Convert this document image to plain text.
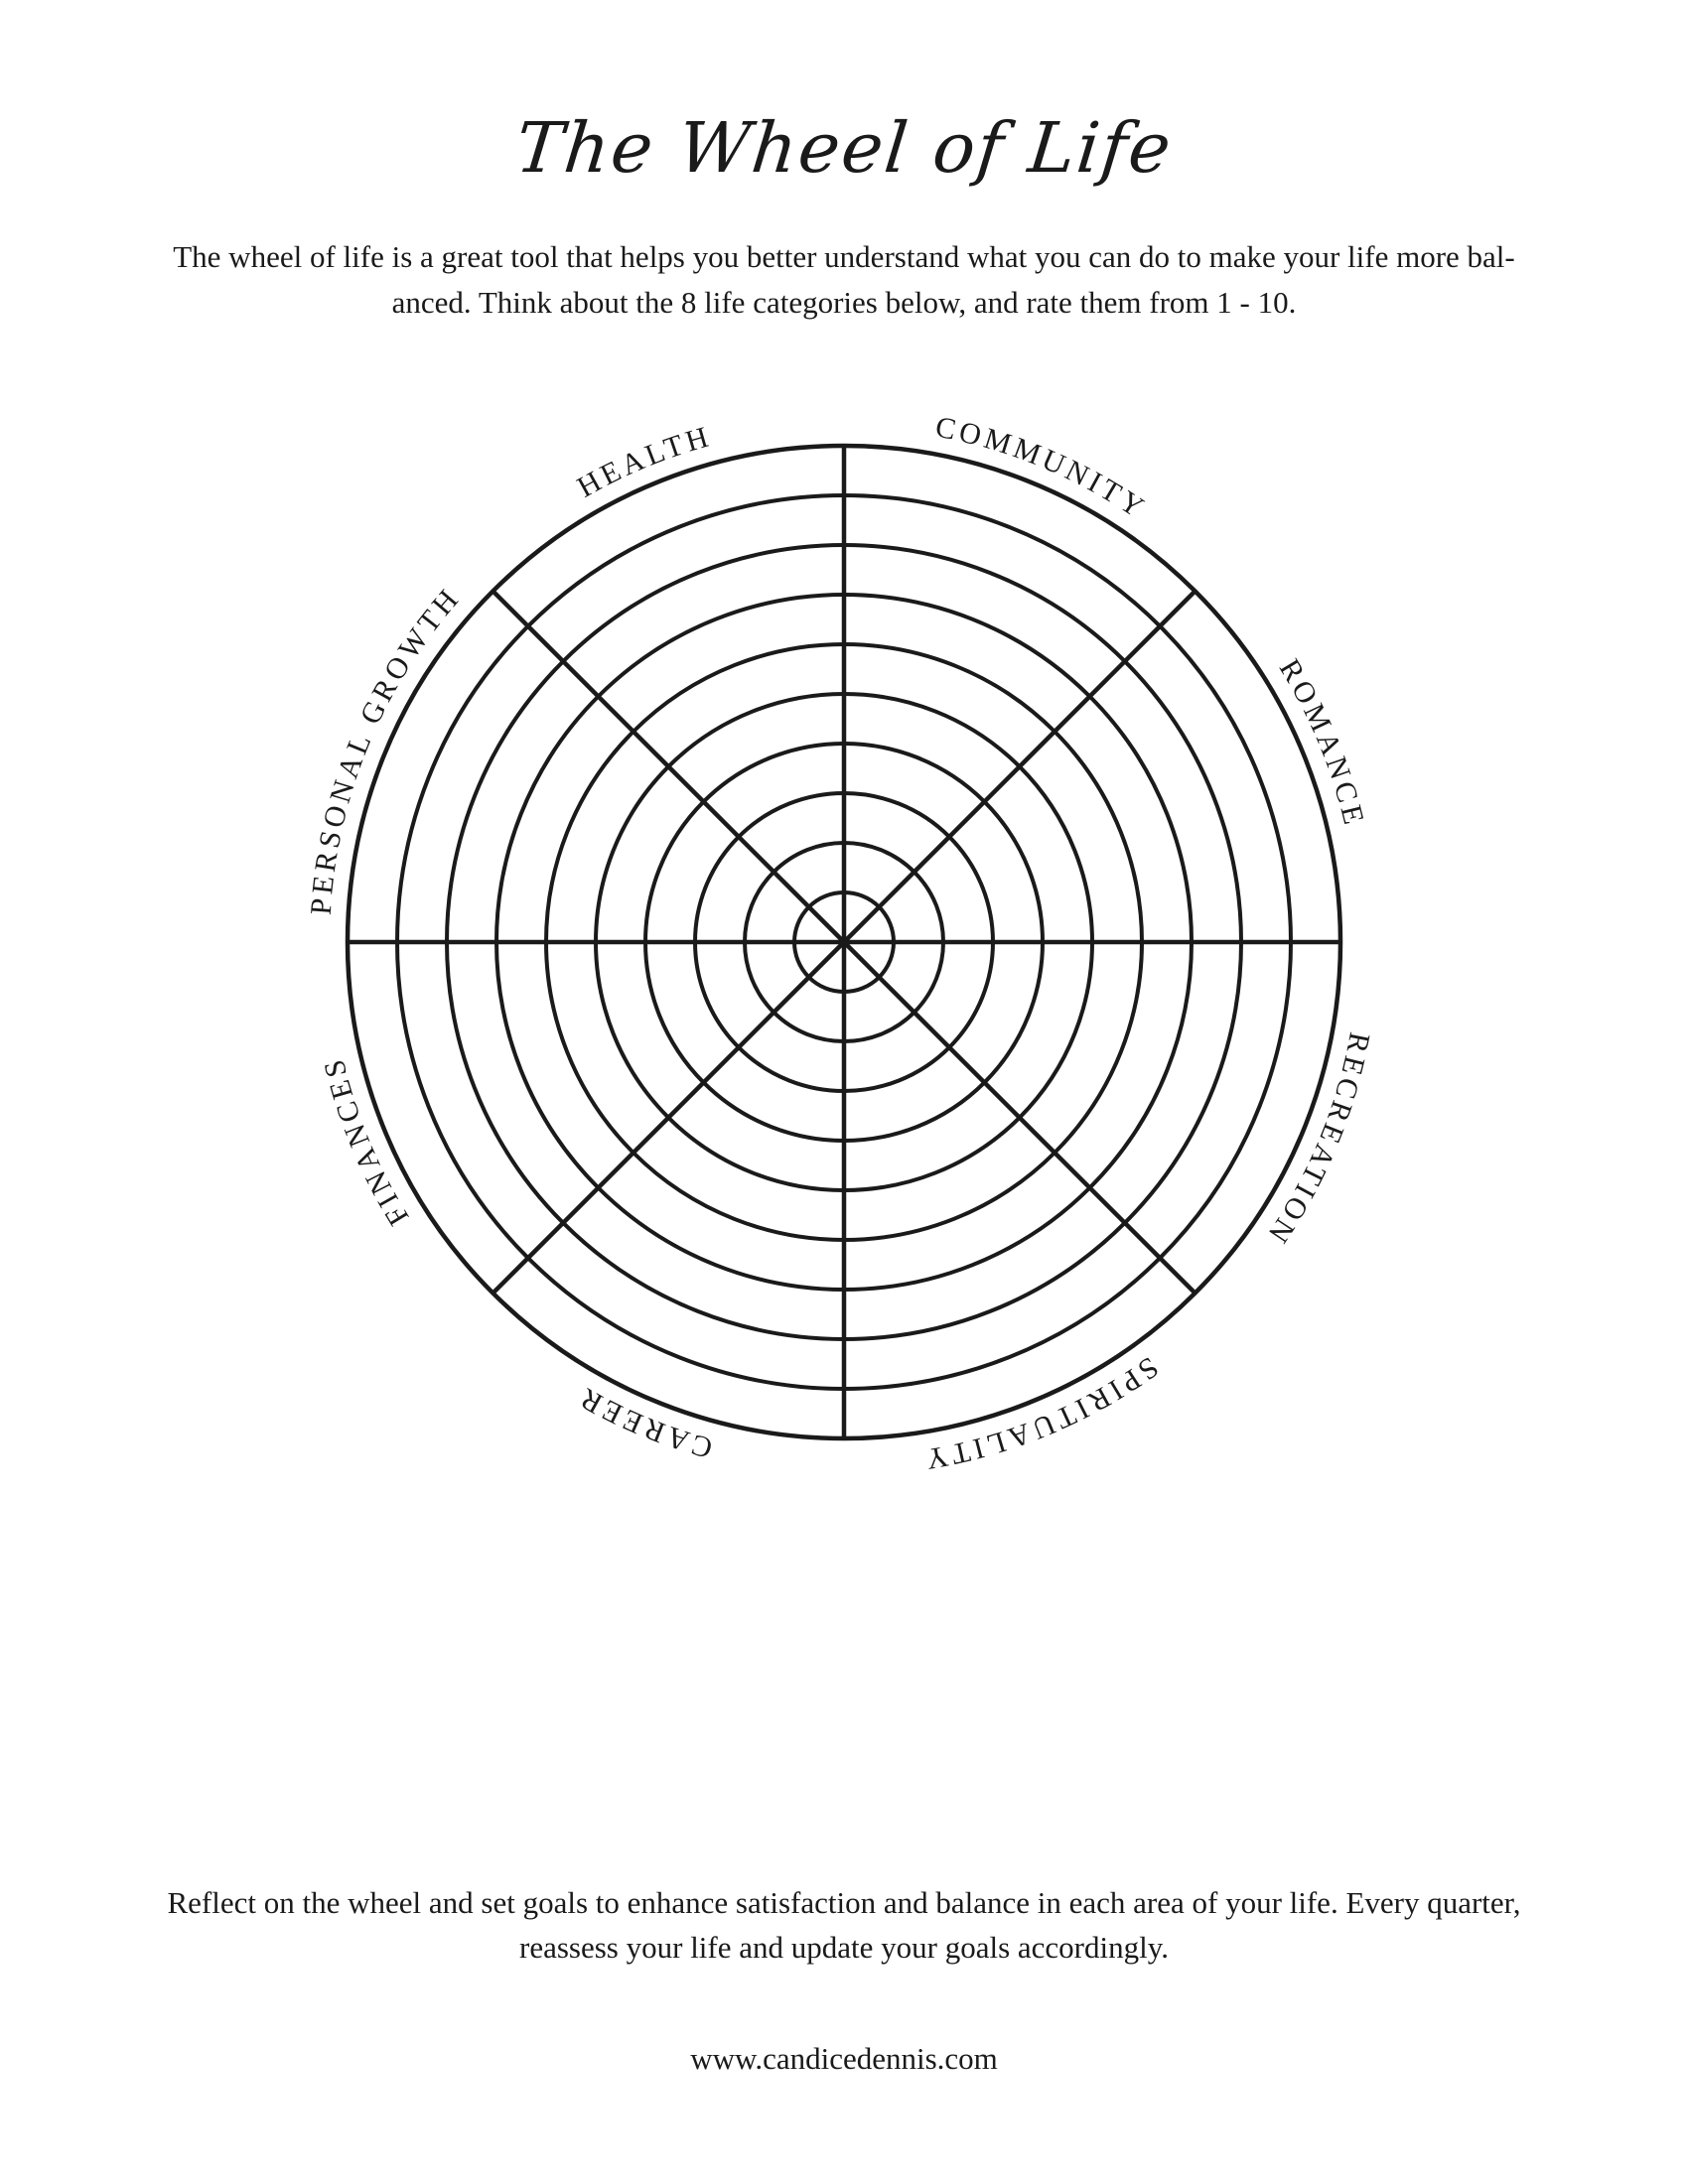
The Wheel of Life
The wheel of life is a great tool that helps you better understand what you can do to make your life more bal-
anced. Think about the 8 life categories below, and rate them from 1 - 10.
PERSONAL GROWTH
HEALTH	COMMUNITY
ROMANCE
RECREATION
SPIRITUALITY
CAREER
FINANCES
Reflect on the wheel and set goals to enhance satisfaction and balance in each area of your life. Every quarter,
reassess your life and update your goals accordingly.
www.candicedennis.com
